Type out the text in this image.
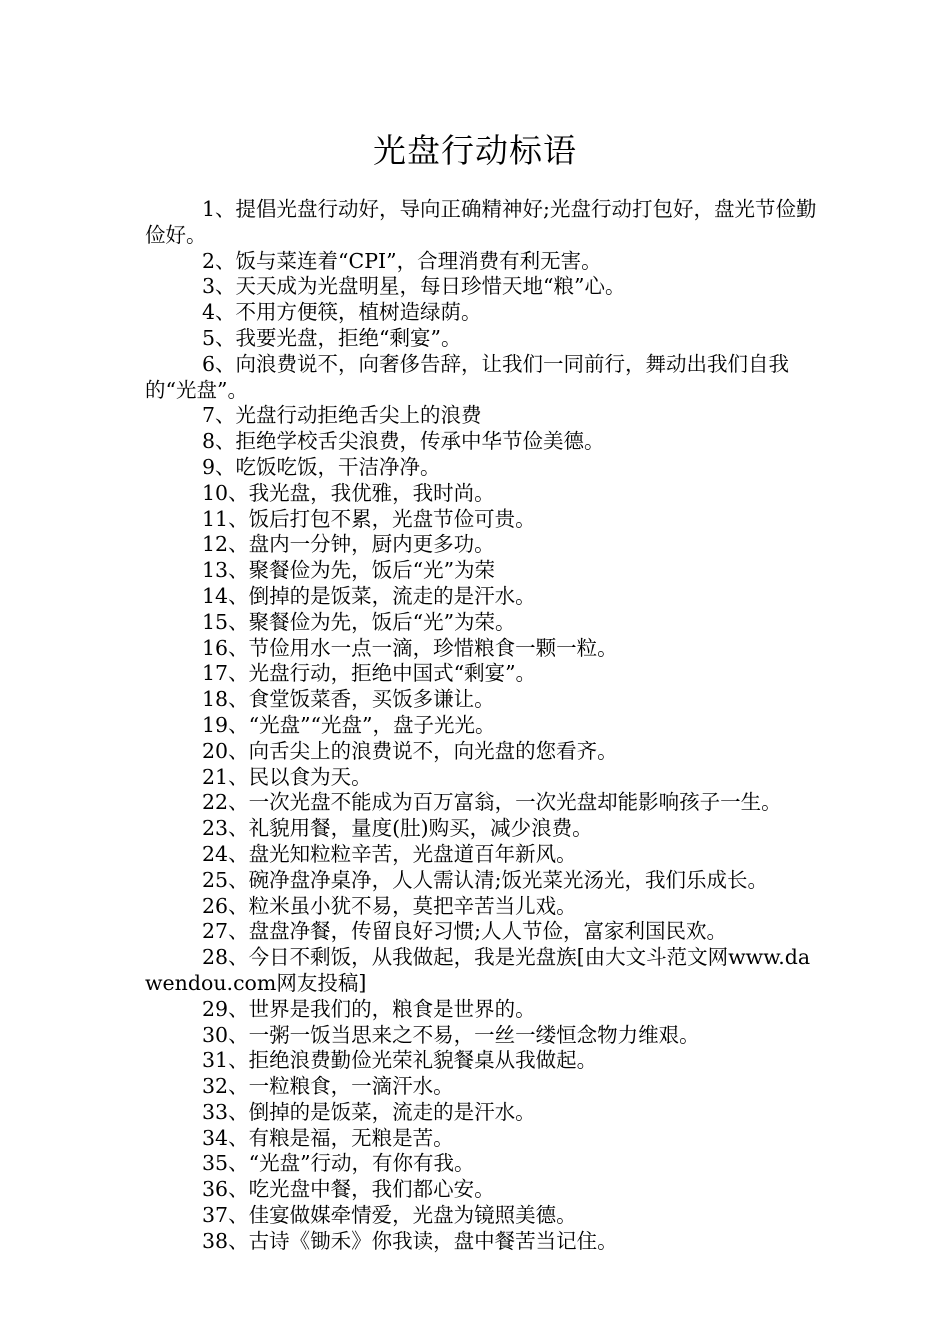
光盘行动标语

1、提倡光盘行动好，导向正确精神好;光盘行动打包好，盘光节俭勤俭好。

2、饭与菜连着“CPI”，合理消费有利无害。

3、天天成为光盘明星，每日珍惜天地“粮”心。

4、不用方便筷，植树造绿荫。

5、我要光盘，拒绝“剩宴”。

6、向浪费说不，向奢侈告辞，让我们一同前行，舞动出我们自我的“光盘”。

7、光盘行动拒绝舌尖上的浪费

8、拒绝学校舌尖浪费，传承中华节俭美德。

9、吃饭吃饭，干洁净净。

10、我光盘，我优雅，我时尚。

11、饭后打包不累，光盘节俭可贵。

12、盘内一分钟，厨内更多功。

13、聚餐俭为先，饭后“光”为荣

14、倒掉的是饭菜，流走的是汗水。

15、聚餐俭为先，饭后“光”为荣。

16、节俭用水一点一滴，珍惜粮食一颗一粒。

17、光盘行动，拒绝中国式“剩宴”。

18、食堂饭菜香，买饭多谦让。

19、“光盘”“光盘”，盘子光光。

20、向舌尖上的浪费说不，向光盘的您看齐。

21、民以食为天。

22、一次光盘不能成为百万富翁，一次光盘却能影响孩子一生。

23、礼貌用餐，量度(肚)购买，减少浪费。

24、盘光知粒粒辛苦，光盘道百年新风。

25、碗净盘净桌净，人人需认清;饭光菜光汤光，我们乐成长。

26、粒米虽小犹不易，莫把辛苦当儿戏。

27、盘盘净餐，传留良好习惯;人人节俭，富家利国民欢。

28、今日不剩饭，从我做起，我是光盘族[由大文斗范文网www.dawendou.com网友投稿]

29、世界是我们的，粮食是世界的。

30、一粥一饭当思来之不易，一丝一缕恒念物力维艰。

31、拒绝浪费勤俭光荣礼貌餐桌从我做起。

32、一粒粮食，一滴汗水。

33、倒掉的是饭菜，流走的是汗水。

34、有粮是福，无粮是苦。

35、“光盘”行动，有你有我。

36、吃光盘中餐，我们都心安。

37、佳宴做媒牵情爱，光盘为镜照美德。

38、古诗《锄禾》你我读，盘中餐苦当记住。
